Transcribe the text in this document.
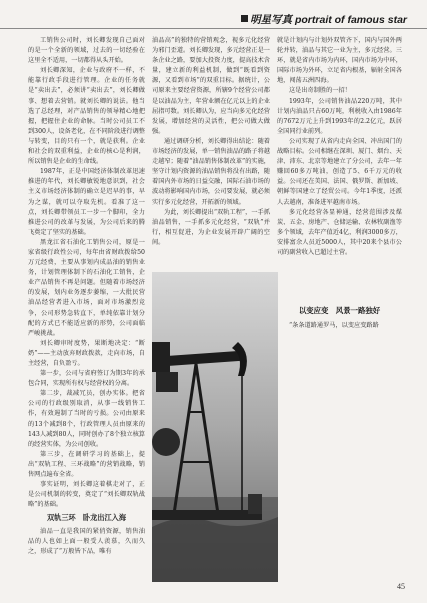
明星写真 portrait of famous star

工销售公司时，刘长卿发现自己面对的是一个全新的领域，过去的一切经验在这里全不适用，一切都得从头开始。

刘长卿深知，企业与政府不一样，不能靠行政手段进行管理。企业的任务就是“卖出去”，必须讲“卖出去”，刘长卿做事、想着去营销。就刘长卿的说法。他当选了总经理，对产品销售的领导精心地把握，把握住企业的命脉。当时公司员工不到300人，设备老化，在不同阶段进行调整与转变，目的只有一个，就是获利。企业和社会的双重利益，企业的核心是利润，所以销售是企业的生命线。

1987年，正是中国经济体制改革迅速推进的年代，刘长卿敏锐地意识到，社会主义市场经济体制的确立是迟早的事，早为之谋，就可以夺取先机。看准了这一点，刘长卿带领员工一步一个脚印，全力推进公司的改革与发展，为公司后来的腾飞奠定了坚实的基础。

黑龙江省石油化工销售公司，原是一家省级行政性公司，每年由省财政拨给50万元经费，主要从事划内成品油的销售业务，计划管理体制下的石油化工销售，企业产品销售不再是问题。但随着市场经济的发展，划内业务逐步萎缩，一大批民营油品经营者进入市场，面对市场激烈竞争，公司形势急转直下，单纯依靠计划分配的方式已不能适应新的形势，公司面临严峻挑战。

刘长卿审时度势，果断地决定：“断奶”——主动放弃财政拨款，走向市场，自主经营，自负盈亏。

第一步，公司与省府签订为期3年的承包合同，实现所有权与经营权的分离。

第二步，裁减冗员，创办实体。把省公司的行政级别取消，从事一线销售工作，有效遏制了当时的亏损。公司由原来的13个减到8个，行政管理人员由原来的143人减到80人，同时创办了8个独立核算的经营实体，为公司创收。

第三步，在调研学习的基础上，提出“双轨工程、三环战略”的营销战略，销售网点遍布全省。

事实证明，刘长卿这着棋走对了，正是公司机制的转变，奠定了“刘长卿双轨战略”的基础。

双轨三环　卧龙出江入海

油品一直是我国的紧俏资源，销售油品的人也如上面一般受人羡慕，久而久之，形成了“万般皆下品，唯有

油品高”的独特的营销观念，视多元化经营为邪门歪道。刘长卿发现，多元经营正是一条企业之路，要加大投资力度，提高技术含量，建立新的利益机制，做到“既看到资源，又看到市场”的双重目标。据统计，公司原来主要经营资源，所辖9个经营公司都是以油品为主，年营业额在亿元以上的企业屈指可数。刘长卿认为，应当向多元化经营发展，增加经营的灵活性，把公司做大做强。

通过调研分析，刘长卿得出结论：随着市场经济的发展，单一销售油品的路子将越走越窄；随着“油品销售体制改革”的实施，坚守计划内资源的油品销售将没有出路，随着国内外市场的日益交融，国际石油市场的波动将影响国内市场，公司要发展，就必须实行多元化经营，开拓新的领域。

为此，刘长卿提出“双轨工程”，一手抓油品销售，一手抓多元化经营，“双轨”并行，相互促进，为企业发展开辟广阔的空间。

就是计划内与计划外双管齐下，国内与国外两轮并转，油品与其它一业为主，多元经营。三环，就是省内市场为内环，国内市场为中环，国际市场为外环，立足省内根基，辐射全国各地，闯荡五洲四海。

这是出奇制胜的一招！

1993年，公司销售油品220万吨，其中计划内油品只占60万吨，利税收入由1986年的7672万元上升到1993年的2.2亿元，跃居全国同行业前列。

公司实现了从省内走向全国、冲出国门的战略目标。公司相继在深圳、厦门、烟台、天津、沛东、北京等地建立了分公司，去年一年赚回60多万吨油，创造了5、6千万元的收益。公司还在美国、法国、俄罗斯、新加坡、朝鲜等国建立了经贸公司。今年1季度，还派人去越南，准备进军越南市场。

多元化经营各显神通，经营范围涉及煤炭、五金、房地产、仓储运输、农林牧副渔等多个领域，去年产值近4亿，利润3000多万，安排富余人员近5000人，其中20来个县市公司的副营收入已超过主营。

以变应变　风景一路独好

“条条道路通罗马，以变应变路路

45
